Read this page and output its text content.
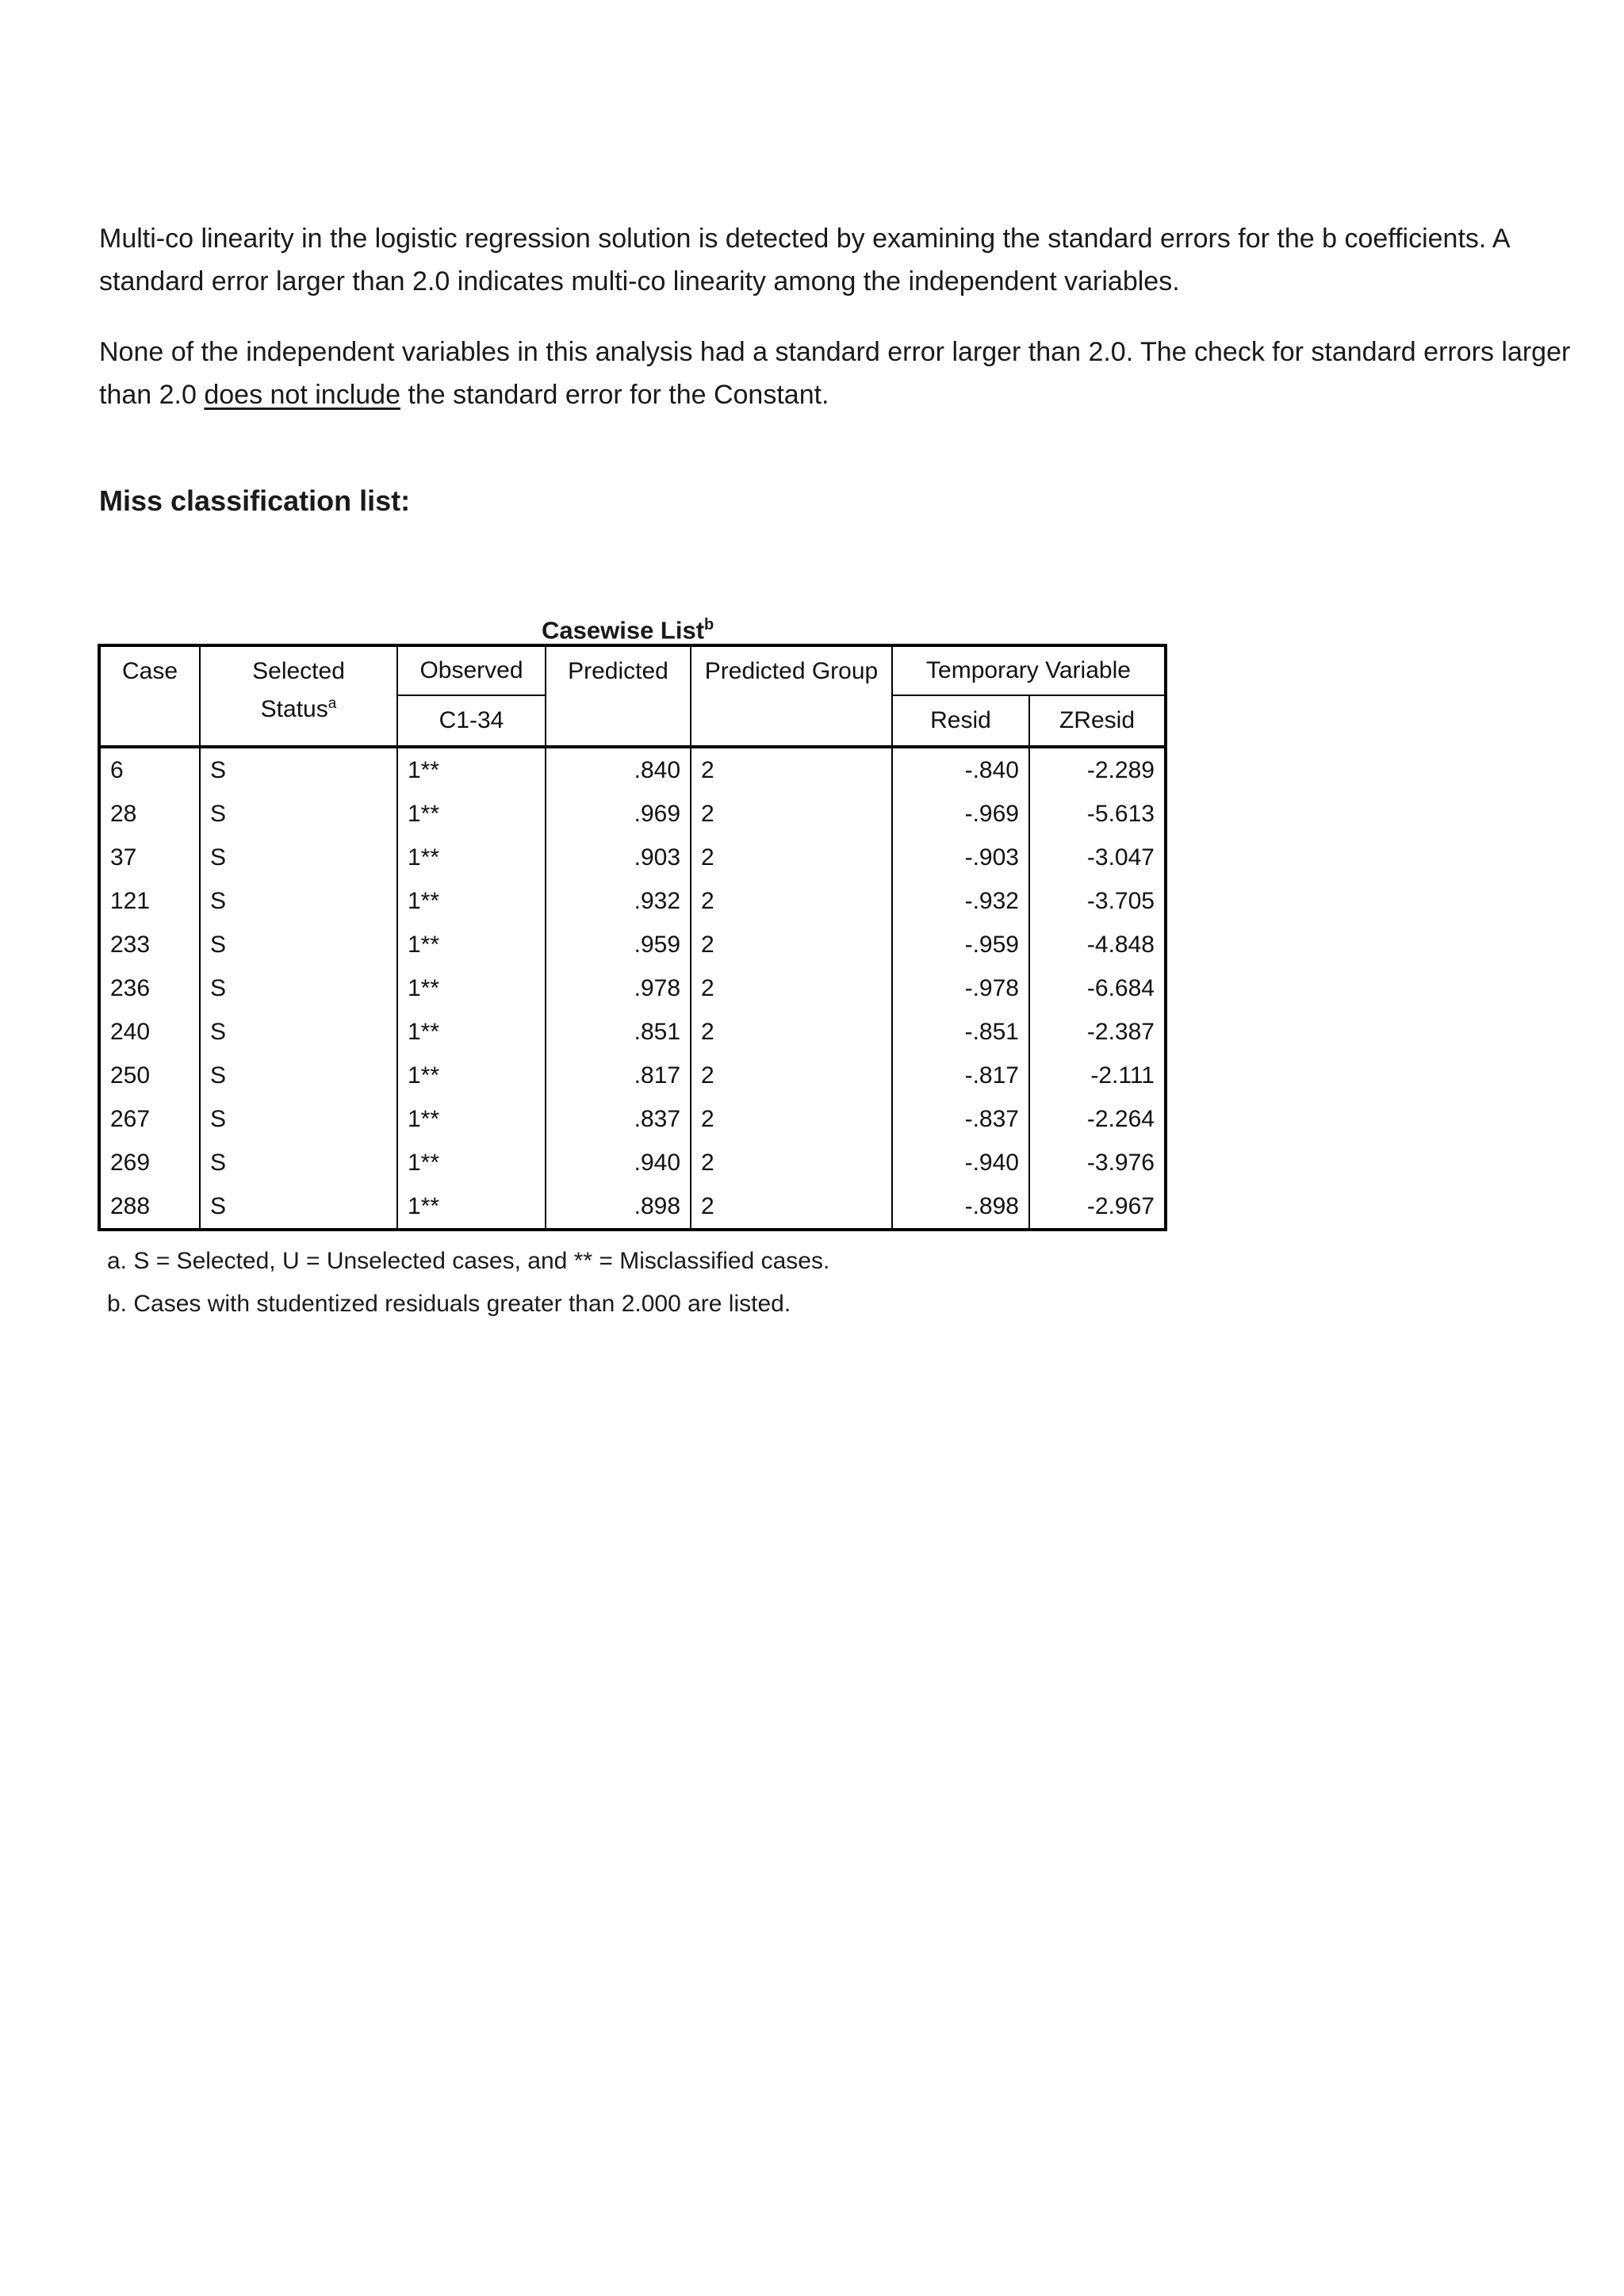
Multi-co linearity in the logistic regression solution is detected by examining the standard errors for the b coefficients. A standard error larger than 2.0 indicates multi-co linearity among the independent variables.

None of the independent variables in this analysis had a standard error larger than 2.0. The check for standard errors larger than 2.0 does not include the standard error for the Constant.

Miss classification list:
Casewise List$^b$
Case	Selected	Observed	Predicted	Predicted Group	Temporary Variable	
	Status$^a$	C1-34			Resid	ZResid
6	S	1**	.840	2	-.840	-2.289
28	S	1**	.969	2	-.969	-5.613
37	S	1**	.903	2	-.903	-3.047
121	S	1**	.932	2	-.932	-3.705
233	S	1**	.959	2	-.959	-4.848
236	S	1**	.978	2	-.978	-6.684
240	S	1**	.851	2	-.851	-2.387
250	S	1**	.817	2	-.817	-2.111
267	S	1**	.837	2	-.837	-2.264
269	S	1**	.940	2	-.940	-3.976
288	S	1**	.898	2	-.898	-2.967

a. S = Selected, U = Unselected cases, and ** = Misclassified cases.

b. Cases with studentized residuals greater than 2.000 are listed.
